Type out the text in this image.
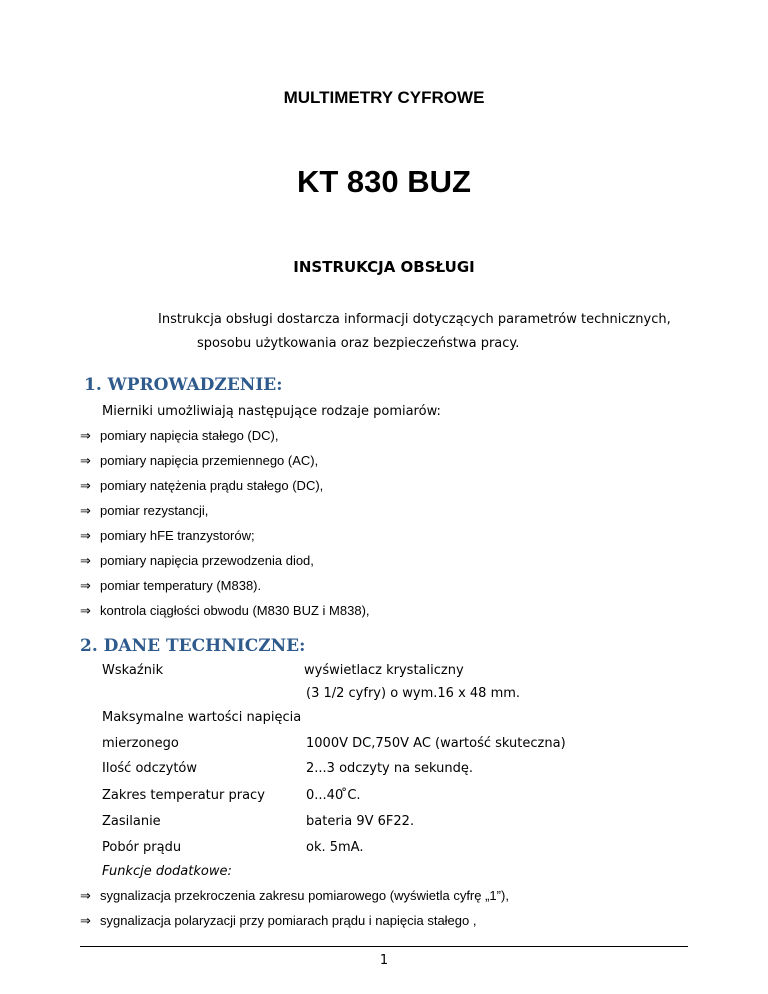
MULTIMETRY CYFROWE
KT 830 BUZ
INSTRUKCJA OBSŁUGI
Instrukcja obsługi dostarcza informacji dotyczących parametrów technicznych,
sposobu użytkowania oraz bezpieczeństwa pracy.
1. WPROWADZENIE:
Mierniki umożliwiają następujące rodzaje pomiarów:
⇒ pomiary napięcia stałego (DC),
⇒ pomiary napięcia przemiennego (AC),
⇒ pomiary natężenia prądu stałego (DC),
⇒ pomiar rezystancji,
⇒ pomiary hFE tranzystorów;
⇒ pomiary napięcia przewodzenia diod,
⇒ pomiar temperatury (M838).
⇒ kontrola ciągłości obwodu (M830 BUZ i M838),
2. DANE TECHNICZNE:
Wskaźnik	wyświetlacz krystaliczny
(3 1/2 cyfry) o wym.16 x 48 mm.
Maksymalne wartości napięcia
mierzonego	1000V DC,750V AC (wartość skuteczna)
Ilość odczytów	2...3 odczyty na sekundę.
Zakres temperatur pracy	0...40 ̊C.
Zasilanie	bateria 9V 6F22.
Pobór prądu	ok. 5mA.
Funkcje dodatkowe:
⇒ sygnalizacja przekroczenia zakresu pomiarowego (wyświetla cyfrę „1”),
⇒ sygnalizacja polaryzacji przy pomiarach prądu i napięcia stałego ,
1
